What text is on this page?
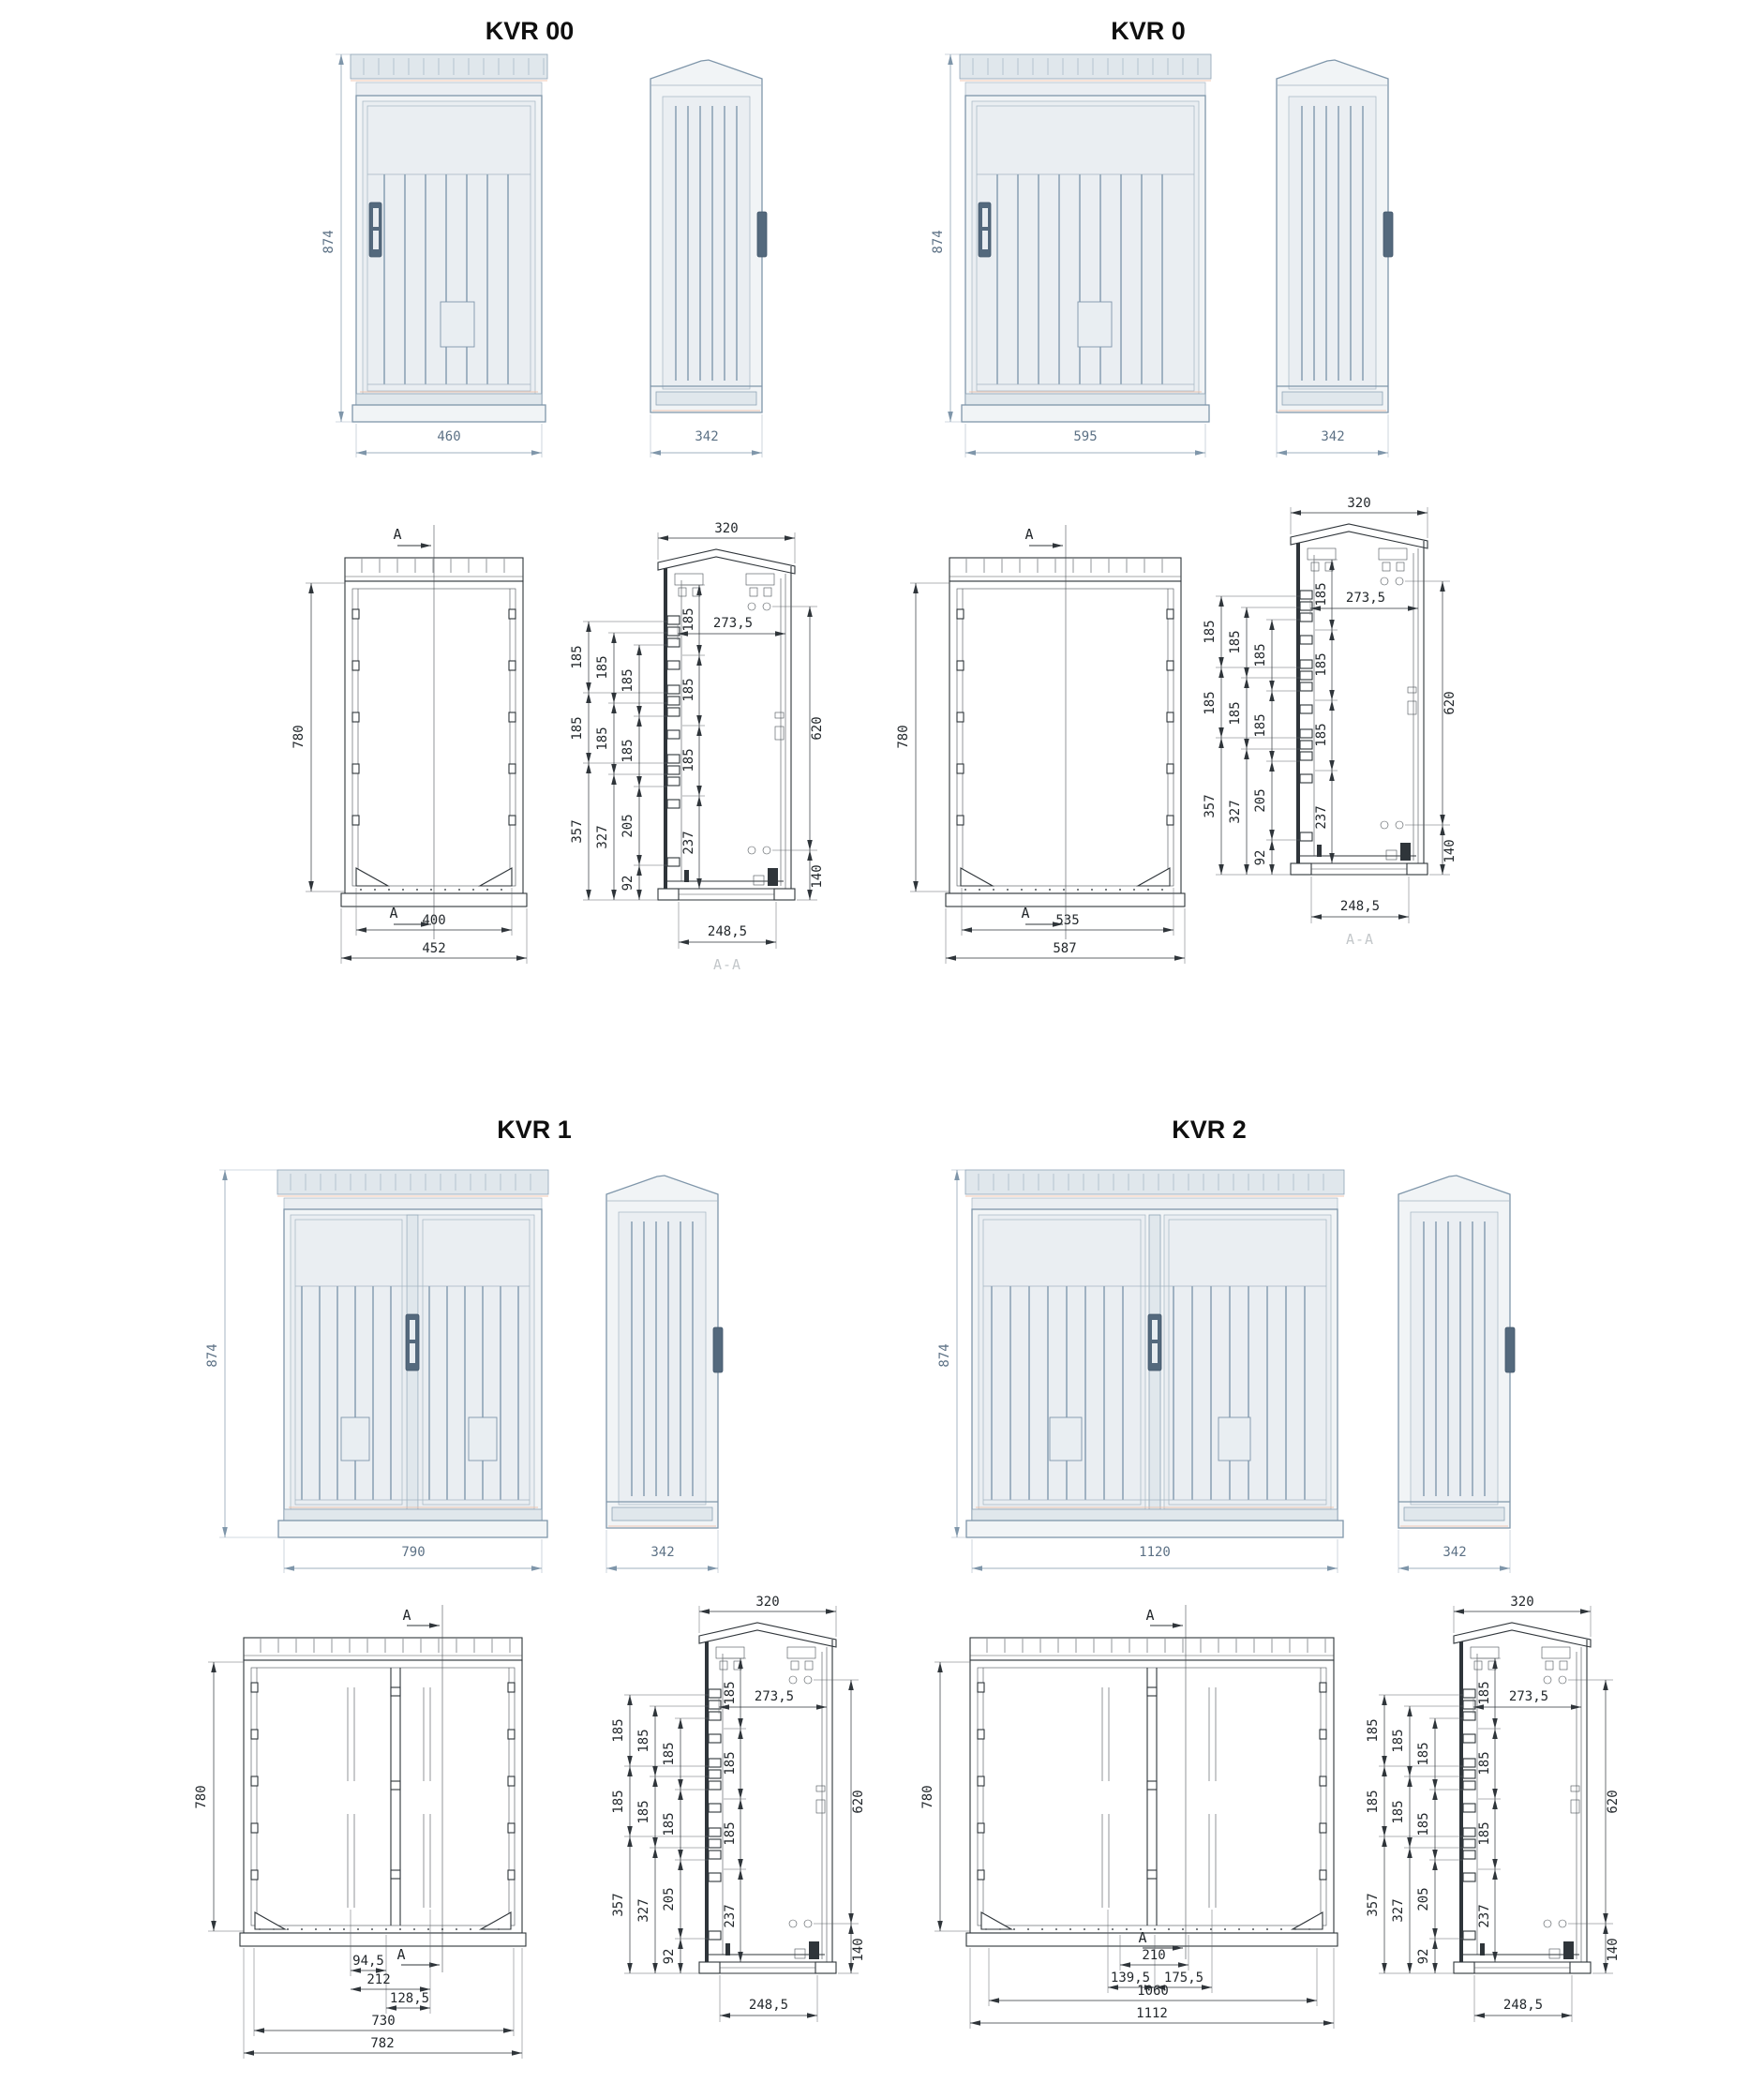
KVR 00
874
460
A
A
780
400
452
A-A
KVR 0
874
595
A
A
780
535
587
A-A
KVR 1
874
790
A
A
780
94,5
212
128,5
730
782
KVR 2
874
1120
A
A
780
210
139,5 175,5
1060
1112
